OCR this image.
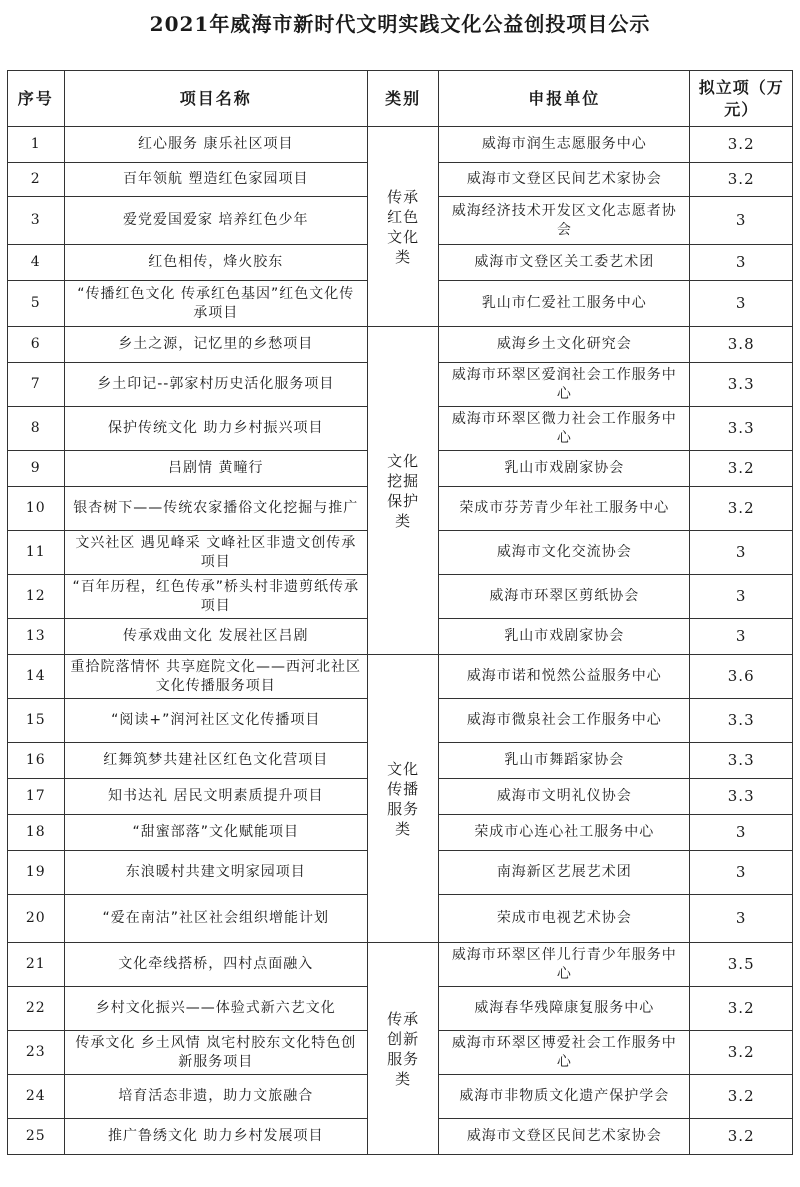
2021年威海市新时代文明实践文化公益创投项目公示
序号	项目名称	类别	申报单位	拟立项（万元）
1	红心服务 康乐社区项目	传承红色文化类	威海市润生志愿服务中心	3.2
2	百年领航 塑造红色家园项目		威海市文登区民间艺术家协会	3.2
3	爱党爱国爱家 培养红色少年		威海经济技术开发区文化志愿者协会	3
4	红色相传，烽火胶东		威海市文登区关工委艺术团	3
5	“传播红色文化 传承红色基因”红色文化传承项目		乳山市仁爱社工服务中心	3
6	乡土之源，记忆里的乡愁项目	文化挖掘保护类	威海乡土文化研究会	3.8
7	乡土印记--郭家村历史活化服务项目		威海市环翠区爱润社会工作服务中心	3.3
8	保护传统文化 助力乡村振兴项目		威海市环翠区微力社会工作服务中心	3.3
9	吕剧情 黄疃行		乳山市戏剧家协会	3.2
10	银杏树下——传统农家播俗文化挖掘与推广		荣成市芬芳青少年社工服务中心	3.2
11	文兴社区 遇见峰采 文峰社区非遗文创传承项目		威海市文化交流协会	3
12	“百年历程，红色传承”桥头村非遗剪纸传承项目		威海市环翠区剪纸协会	3
13	传承戏曲文化 发展社区吕剧		乳山市戏剧家协会	3
14	重拾院落情怀 共享庭院文化——西河北社区文化传播服务项目	文化传播服务类	威海市诺和悦然公益服务中心	3.6
15	“阅读+”润河社区文化传播项目		威海市微泉社会工作服务中心	3.3
16	红舞筑梦共建社区红色文化营项目		乳山市舞蹈家协会	3.3
17	知书达礼 居民文明素质提升项目		威海市文明礼仪协会	3.3
18	“甜蜜部落”文化赋能项目		荣成市心连心社工服务中心	3
19	东浪暖村共建文明家园项目		南海新区艺展艺术团	3
20	“爱在南沽”社区社会组织增能计划		荣成市电视艺术协会	3
21	文化牵线搭桥，四村点面融入	传承创新服务类	威海市环翠区伴儿行青少年服务中心	3.5
22	乡村文化振兴——体验式新六艺文化		威海春华残障康复服务中心	3.2
23	传承文化 乡土风情 岚宅村胶东文化特色创新服务项目		威海市环翠区博爱社会工作服务中心	3.2
24	培育活态非遗，助力文旅融合		威海市非物质文化遗产保护学会	3.2
25	推广鲁绣文化 助力乡村发展项目		威海市文登区民间艺术家协会	3.2
